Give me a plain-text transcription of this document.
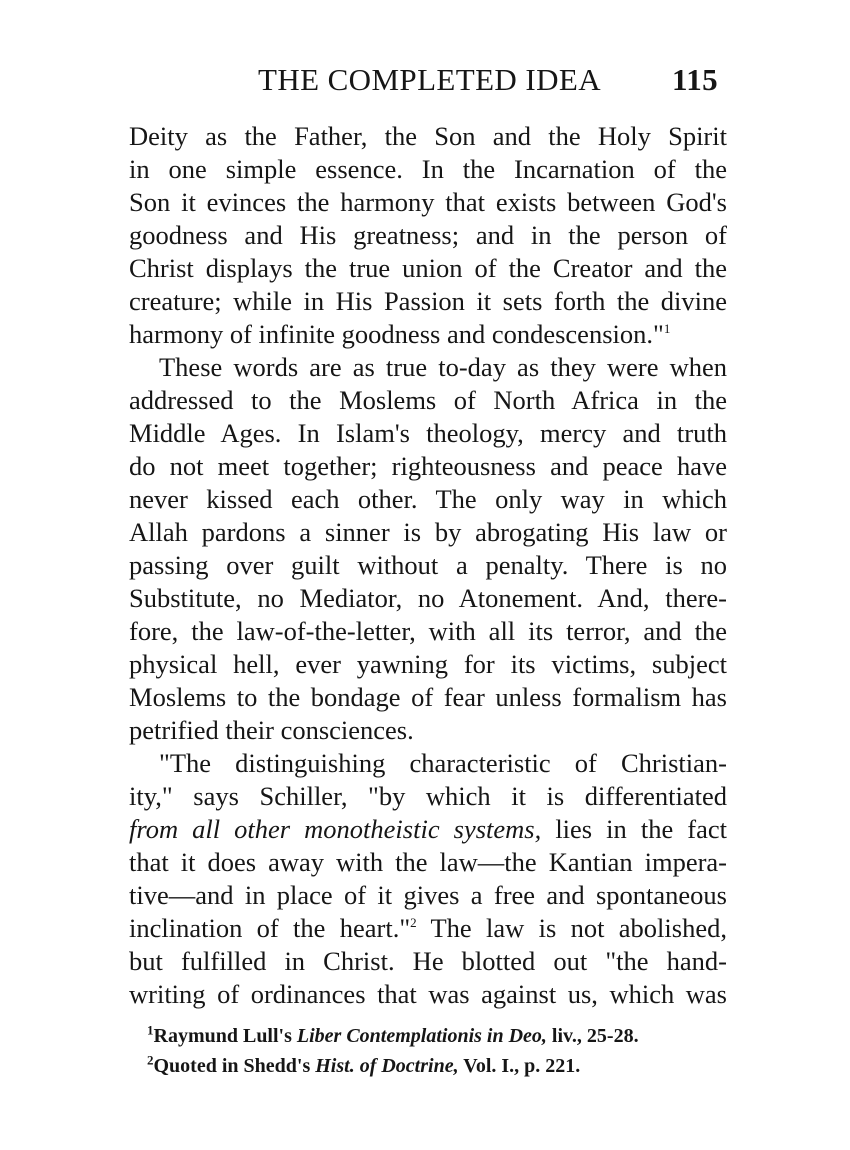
THE COMPLETED IDEA 115
Deity as the Father, the Son and the Holy Spirit
in one simple essence. In the Incarnation of the
Son it evinces the harmony that exists between God's
goodness and His greatness; and in the person of
Christ displays the true union of the Creator and the
creature; while in His Passion it sets forth the divine
harmony of infinite goodness and condescension."$^1$
These words are as true to-day as they were when
addressed to the Moslems of North Africa in the
Middle Ages. In Islam's theology, mercy and truth
do not meet together; righteousness and peace have
never kissed each other. The only way in which
Allah pardons a sinner is by abrogating His law or
passing over guilt without a penalty. There is no
Substitute, no Mediator, no Atonement. And, there-
fore, the law-of-the-letter, with all its terror, and the
physical hell, ever yawning for its victims, subject
Moslems to the bondage of fear unless formalism has
petrified their consciences.
"The distinguishing characteristic of Christian-
ity," says Schiller, "by which it is differentiated
from all other monotheistic systems, lies in the fact
that it does away with the law—the Kantian impera-
tive—and in place of it gives a free and spontaneous
inclination of the heart."$^2$ The law is not abolished,
but fulfilled in Christ. He blotted out "the hand-
writing of ordinances that was against us, which was
$^1$Raymund Lull's Liber Contemplationis in Deo, liv., 25-28.
$^2$Quoted in Shedd's Hist. of Doctrine, Vol. I., p. 221.
